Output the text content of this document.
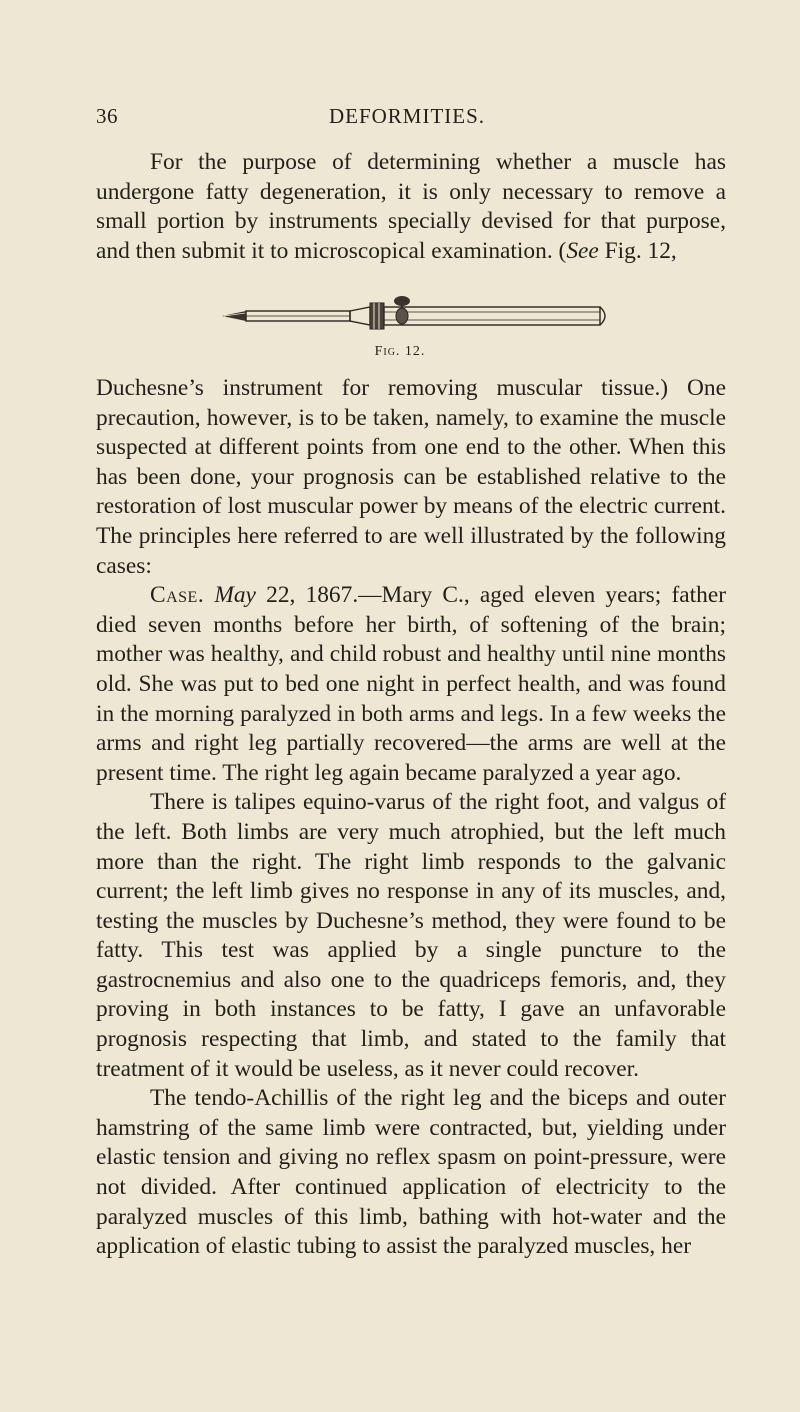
36	DEFORMITIES.

For the purpose of determining whether a muscle has undergone fatty degeneration, it is only necessary to remove a small portion by instruments specially devised for that purpose, and then submit it to microscopical examination. (See Fig. 12,

Fig. 12.

Duchesne’s instrument for removing muscular tissue.) One precaution, however, is to be taken, namely, to examine the muscle suspected at different points from one end to the other. When this has been done, your prognosis can be established relative to the restoration of lost muscular power by means of the electric current. The principles here referred to are well illustrated by the following cases:

Case. May 22, 1867.—Mary C., aged eleven years; father died seven months before her birth, of softening of the brain; mother was healthy, and child robust and healthy until nine months old. She was put to bed one night in perfect health, and was found in the morning paralyzed in both arms and legs. In a few weeks the arms and right leg partially recovered—the arms are well at the present time. The right leg again became paralyzed a year ago.

There is talipes equino-varus of the right foot, and valgus of the left. Both limbs are very much atrophied, but the left much more than the right. The right limb responds to the galvanic current; the left limb gives no response in any of its muscles, and, testing the muscles by Duchesne’s method, they were found to be fatty. This test was applied by a single puncture to the gastrocnemius and also one to the quadriceps femoris, and, they proving in both instances to be fatty, I gave an unfavorable prognosis respecting that limb, and stated to the family that treatment of it would be useless, as it never could recover.

The tendo-Achillis of the right leg and the biceps and outer hamstring of the same limb were contracted, but, yielding under elastic tension and giving no reflex spasm on point-pressure, were not divided. After continued application of electricity to the paralyzed muscles of this limb, bathing with hot-water and the application of elastic tubing to assist the paralyzed muscles, her
